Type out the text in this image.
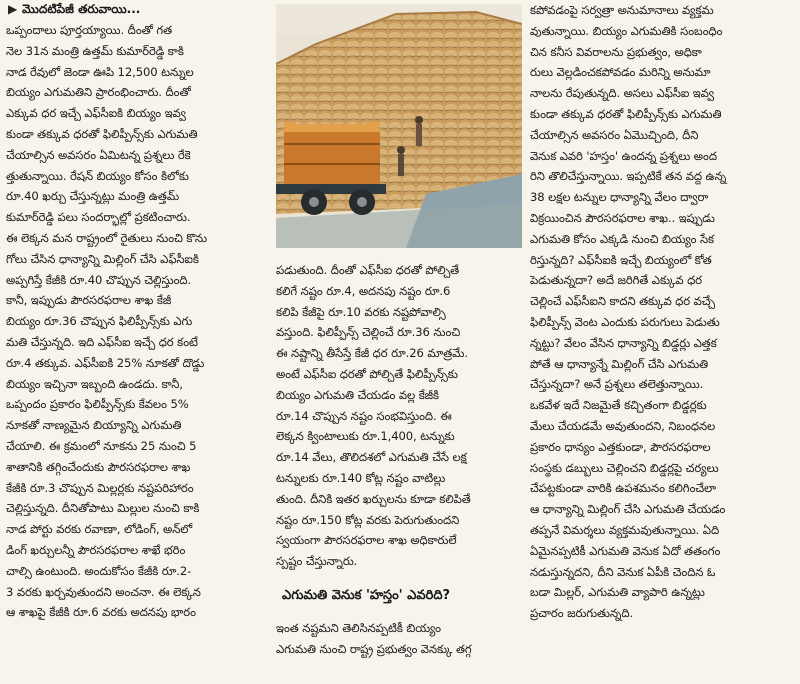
▶ మొదటిపేజీ తరువాయి...
ఒప్పందాలు పూర్తయ్యాయి. దీంతో గత
నెల 31న మంత్రి ఉత్తమ్ కుమార్‌రెడ్డి కాకి
నాడ రేవులో జెండా ఊపి 12,500 టన్నుల
బియ్యం ఎగుమతిని ప్రారంభించారు. దీంతో
ఎక్కువ ధర ఇచ్చే ఎఫ్‌సీఐకి బియ్యం ఇవ్వ
కుండా తక్కువ ధరతో ఫిలిప్పీన్స్‌కు ఎగుమతి
చేయాల్సిన అవసరం ఏమిటన్న ప్రశ్నలు రేకె
త్తుతున్నాయి. రేషన్ బియ్యం కోసం కిలోకు
రూ.40 ఖర్చు చేస్తున్నట్లు మంత్రి ఉత్తమ్
కుమార్‌రెడ్డి పలు సందర్భాల్లో ప్రకటించారు.
ఈ లెక్కన మన రాష్ట్రంలో రైతులు నుంచి కొను
గోలు చేసిన ధాన్యాన్ని మిల్లింగ్ చేసి ఎఫ్‌సీఐకి
అప్పగిస్తే కేజీకి రూ.40 చొప్పున చెల్లిస్తుంది.
కానీ, ఇప్పుడు పౌరసరఫరాల శాఖ కేజీ
బియ్యం రూ.36 చొప్పున ఫిలిప్పీన్స్‌కు ఎగు
మతి చేస్తున్నది. ఇది ఎఫ్‌సీఐ ఇచ్చే ధర కంటే
రూ.4 తక్కువ. ఎఫ్‌సీఐకి 25% నూకతో దొడ్డు
బియ్యం ఇచ్చినా ఇబ్బంది ఉండదు. కానీ,
ఒప్పందం ప్రకారం ఫిలిప్పీన్స్‌కు కేవలం 5%
నూకతో నాణ్యమైన బియ్యాన్ని ఎగుమతి
చేయాలి. ఈ క్రమంలో నూకను 25 నుంచి 5
శాతానికి తగ్గించేందుకు పౌరసరఫరాల శాఖ
కేజీకి రూ.3 చొప్పున మిల్లర్లకు నష్టపరిహారం
చెల్లిస్తున్నది. దీనితోపాటు మిల్లుల నుంచి కాకి
నాడ పోర్టు వరకు రవాణా, లోడింగ్, అన్‌లో
డింగ్ ఖర్చులన్నీ పౌరసరఫరాల శాఖే భరిం
చాల్సి ఉంటుంది. అందుకోసం కేజీకి రూ.2-
3 వరకు ఖర్చవుతుందని అంచనా. ఈ లెక్కన
ఆ శాఖపై కేజీకి రూ.6 వరకు అదనపు భారం
పడుతుంది. దీంతో ఎఫ్‌సీఐ ధరతో పోల్చితే
కలిగే నష్టం రూ.4, అదనపు నష్టం రూ.6
కలిపి కేజీపై రూ.10 వరకు నష్టపోవాల్సి
వస్తుంది. ఫిలిప్పీన్స్ చెల్లించే రూ.36 నుంచి
ఈ నష్టాన్ని తీసేస్తే కేజీ ధర రూ.26 మాత్రమే.
అంటే ఎఫ్‌సీఐ ధరతో పోల్చితే ఫిలిప్పీన్స్‌కు
బియ్యం ఎగుమతి చేయడం వల్ల కేజీకి
రూ.14 చొప్పున నష్టం సంభవిస్తుంది. ఈ
లెక్కన క్వింటాలుకు రూ.1,400, టన్నుకు
రూ.14 వేలు, తొలిదశలో ఎగుమతి చేసే లక్ష
టన్నులకు రూ.140 కోట్ల నష్టం వాటిల్లు
తుంది. దీనికి ఇతర ఖర్చులను కూడా కలిపితే
నష్టం రూ.150 కోట్ల వరకు పెరుగుతుందని
స్వయంగా పౌరసరఫరాల శాఖ అధికారులే
స్పష్టం చేస్తున్నారు.
ఎగుమతి వెనుక 'హస్తం' ఎవరిది?
ఇంత నష్టమని తెలిసినప్పటికీ బియ్యం
ఎగుమతి నుంచి రాష్ట్ర ప్రభుత్వం వెనక్కు తగ్గ
కపోవడంపై సర్వత్రా అనుమానాలు వ్యక్తమ
వుతున్నాయి. బియ్యం ఎగుమతికి సంబంధిం
చిన కనీస వివరాలను ప్రభుత్వం, అధికా
రులు వెల్లడించకపోవడం మరిన్ని అనుమా
నాలను రేపుతున్నది. అసలు ఎఫ్‌సీఐ ఇవ్వ
కుండా తక్కువ ధరతో ఫిలిప్పీన్స్‌కు ఎగుమతి
చేయాల్సిన అవసరం ఏమొచ్చింది, దీని
వెనుక ఎవరి 'హస్తం' ఉందన్న ప్రశ్నలు అంద
రిని తొలిచేస్తున్నాయి. ఇప్పటికే తన వద్ద ఉన్న
38 లక్షల టన్నుల ధాన్యాన్ని వేలం ద్వారా
విక్రయించిన పౌరసరఫరాల శాఖ.. ఇప్పుడు
ఎగుమతి కోసం ఎక్కడి నుంచి బియ్యం సేక
రిస్తున్నది? ఎఫ్‌సీఐకి ఇచ్చే బియ్యంలో కోత
పెడుతున్నదా? అదే జరిగితే ఎక్కువ ధర
చెల్లించే ఎఫ్‌సీఐని కాదని తక్కువ ధర వచ్చే
ఫిలిప్పీన్స్ వెంట ఎందుకు పరుగులు పెడుతు
న్నట్టు? వేలం వేసిన ధాన్యాన్ని బిడ్డర్లు ఎత్తక
పోతే ఆ ధాన్యాన్నే మిల్లింగ్ చేసి ఎగుమతి
చేస్తున్నదా? అనే ప్రశ్నలు తలెత్తున్నాయి.
ఒకవేళ ఇదే నిజమైతే కచ్చితంగా బిడ్డర్లకు
మేలు చేయడమే అవుతుందని, నిబంధనల
ప్రకారం ధాన్యం ఎత్తకుండా, పౌరసరఫరాల
సంస్థకు డబ్బులు చెల్లించని బిడ్డర్లపై చర్యలు
చేపట్టకుండా వారికి ఉపశమనం కలిగించేలా
ఆ ధాన్యాన్ని మిల్లింగ్ చేసి ఎగుమతి చేయడం
తప్పనే విమర్శలు వ్యక్తమవుతున్నాయి. ఏది
ఏమైనప్పటికీ ఎగుమతి వెనుక ఏదో తతంగం
నడుస్తున్నదని, దీని వెనుక ఏపీకి చెందిన ఓ
బడా మిల్లర్, ఎగుమతి వ్యాపారి ఉన్నట్లు
ప్రచారం జరుగుతున్నది.
